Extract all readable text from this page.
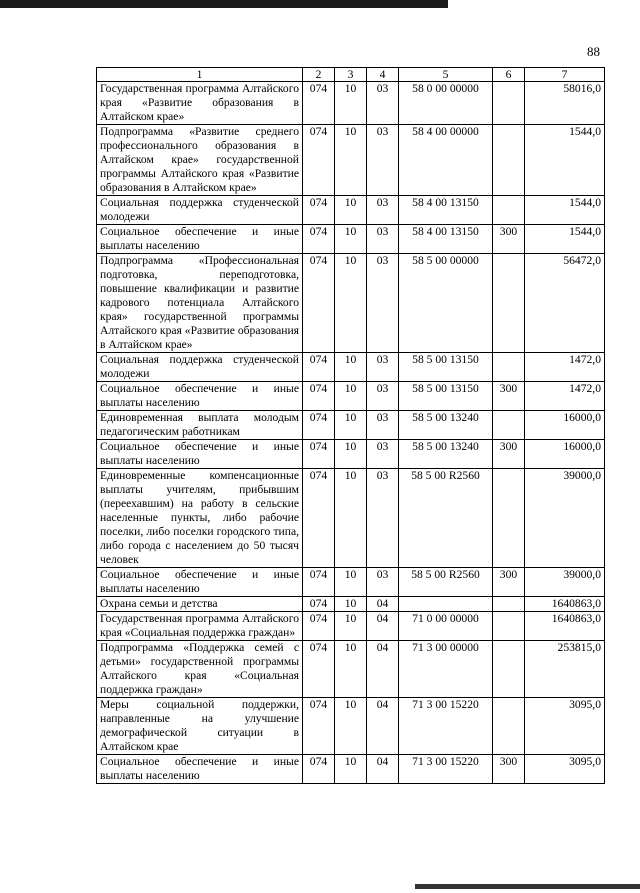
88
1	2	3	4	5	6	7
Государственная программа Алтайского края «Развитие образования в Алтайском крае»	074	10	03	58 0 00 00000		58016,0
Подпрограмма «Развитие среднего профессионального образования в Алтайском крае» государственной программы Алтайского края «Развитие образования в Алтайском крае»	074	10	03	58 4 00 00000		1544,0
Социальная поддержка студенческой молодежи	074	10	03	58 4 00 13150		1544,0
Социальное обеспечение и иные выплаты населению	074	10	03	58 4 00 13150	300	1544,0
Подпрограмма «Профессиональная подготовка, переподготовка, повышение квалификации и развитие кадрового потенциала Алтайского края» государственной программы Алтайского края «Развитие образования в Алтайском крае»	074	10	03	58 5 00 00000		56472,0
Социальная поддержка студенческой молодежи	074	10	03	58 5 00 13150		1472,0
Социальное обеспечение и иные выплаты населению	074	10	03	58 5 00 13150	300	1472,0
Единовременная выплата молодым педагогическим работникам	074	10	03	58 5 00 13240		16000,0
Социальное обеспечение и иные выплаты населению	074	10	03	58 5 00 13240	300	16000,0
Единовременные компенсационные выплаты учителям, прибывшим (переехавшим) на работу в сельские населенные пункты, либо рабочие поселки, либо поселки городского типа, либо города с населением до 50 тысяч человек	074	10	03	58 5 00 R2560		39000,0
Социальное обеспечение и иные выплаты населению	074	10	03	58 5 00 R2560	300	39000,0
Охрана семьи и детства	074	10	04			1640863,0
Государственная программа Алтайского края «Социальная поддержка граждан»	074	10	04	71 0 00 00000		1640863,0
Подпрограмма «Поддержка семей с детьми» государственной программы Алтайского края «Социальная поддержка граждан»	074	10	04	71 3 00 00000		253815,0
Меры социальной поддержки, направленные на улучшение демографической ситуации в Алтайском крае	074	10	04	71 3 00 15220		3095,0
Социальное обеспечение и иные выплаты населению	074	10	04	71 3 00 15220	300	3095,0
